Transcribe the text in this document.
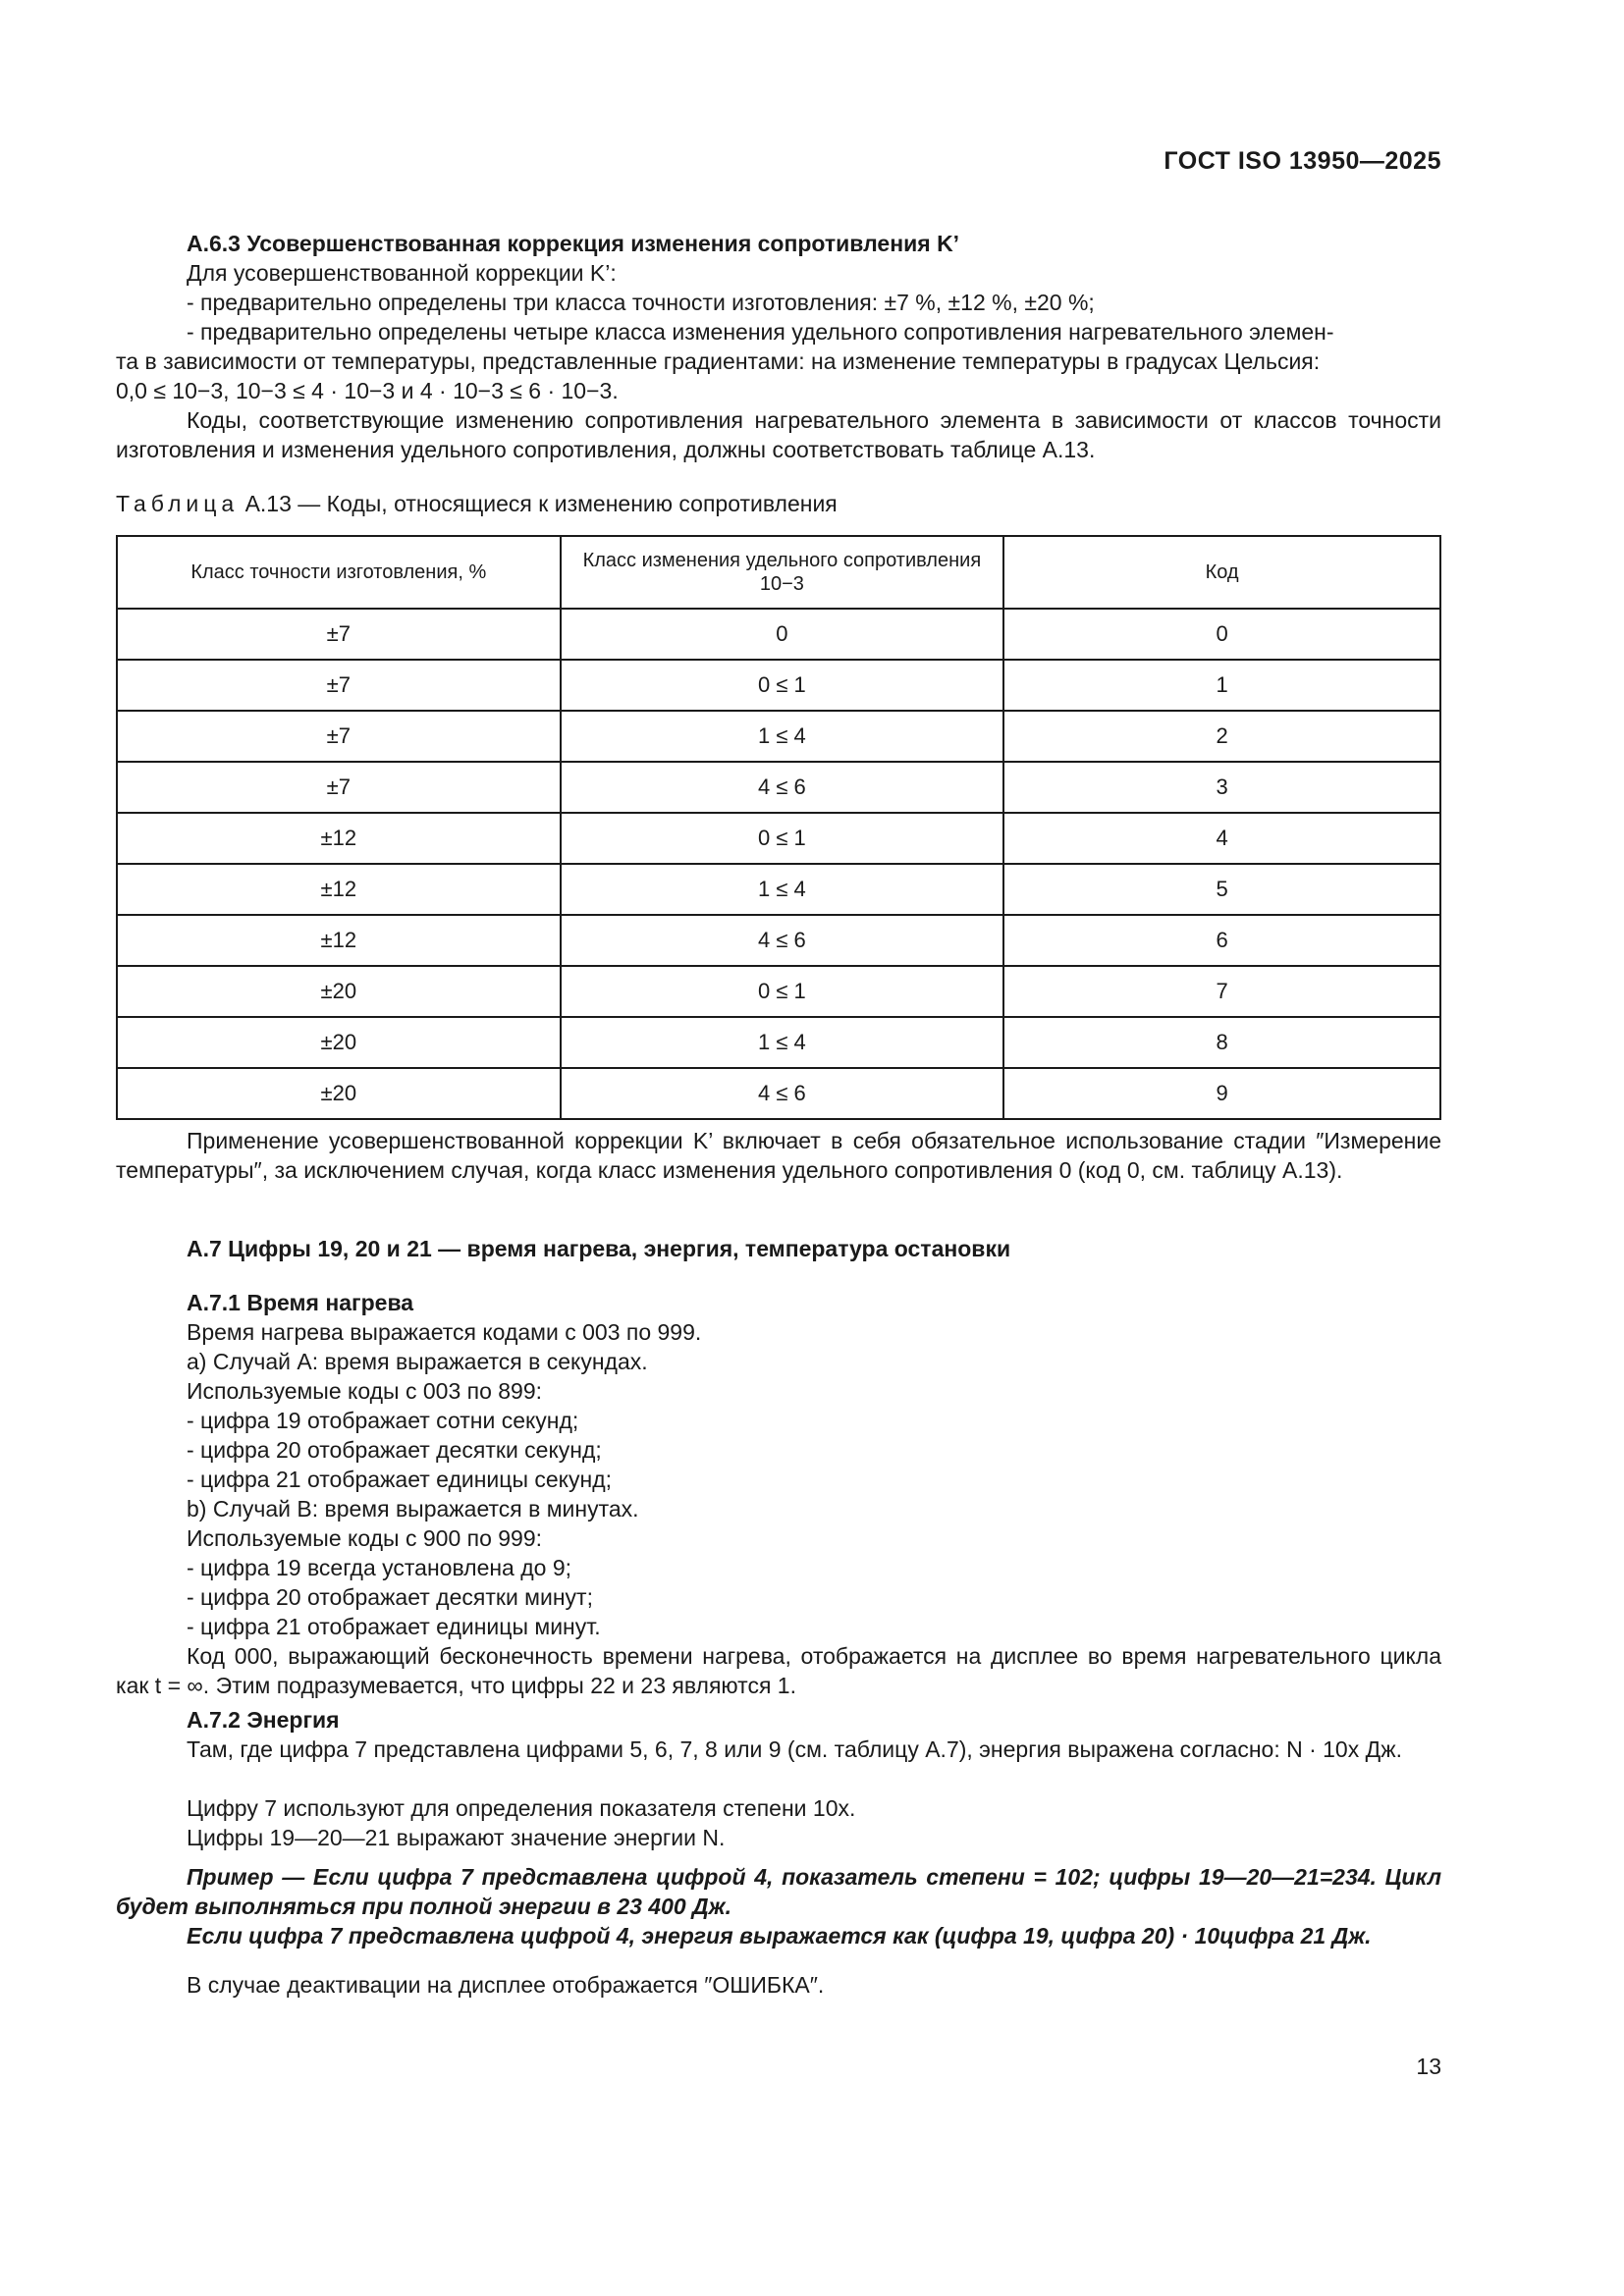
ГОСТ ISO 13950—2025
А.6.3 Усовершенствованная коррекция изменения сопротивления K’
Для усовершенствованной коррекции K’:
- предварительно определены три класса точности изготовления: ±7 %, ±12 %, ±20 %;
- предварительно определены четыре класса изменения удельного сопротивления нагревательного элемен-
та в зависимости от температуры, представленные градиентами: на изменение температуры в градусах Цельсия:
0,0 ≤ 10−3, 10−3 ≤ 4 · 10−3 и 4 · 10−3 ≤ 6 · 10−3.
Коды, соответствующие изменению сопротивления нагревательного элемента в зависимости от классов точности изготовления и изменения удельного сопротивления, должны соответствовать таблице А.13.
Таблица А.13 — Коды, относящиеся к изменению сопротивления
Класс точности изготовления, %	Класс изменения удельного сопротивления 10−3	Код
±7	0	0
±7	0 ≤ 1	1
±7	1 ≤ 4	2
±7	4 ≤ 6	3
±12	0 ≤ 1	4
±12	1 ≤ 4	5
±12	4 ≤ 6	6
±20	0 ≤ 1	7
±20	1 ≤ 4	8
±20	4 ≤ 6	9
Применение усовершенствованной коррекции K’ включает в себя обязательное использование стадии ″Измерение температуры″, за исключением случая, когда класс изменения удельного сопротивления 0 (код 0, см. таблицу А.13).
А.7 Цифры 19, 20 и 21 — время нагрева, энергия, температура остановки
А.7.1 Время нагрева
Время нагрева выражается кодами с 003 по 999.
a) Случай А: время выражается в секундах.
Используемые коды с 003 по 899:
- цифра 19 отображает сотни секунд;
- цифра 20 отображает десятки секунд;
- цифра 21 отображает единицы секунд;
b) Случай B: время выражается в минутах.
Используемые коды с 900 по 999:
- цифра 19 всегда установлена до 9;
- цифра 20 отображает десятки минут;
- цифра 21 отображает единицы минут.
Код 000, выражающий бесконечность времени нагрева, отображается на дисплее во время нагревательного цикла как t = ∞. Этим подразумевается, что цифры 22 и 23 являются 1.
А.7.2 Энергия
Там, где цифра 7 представлена цифрами 5, 6, 7, 8 или 9 (см. таблицу А.7), энергия выражена согласно: N · 10x Дж.
Цифру 7 используют для определения показателя степени 10x.
Цифры 19—20—21 выражают значение энергии N.
Пример — Если цифра 7 представлена цифрой 4, показатель степени = 102; цифры 19—20—21=234. Цикл будет выполняться при полной энергии в 23 400 Дж.
Если цифра 7 представлена цифрой 4, энергия выражается как (цифра 19, цифра 20) · 10цифра 21 Дж.
В случае деактивации на дисплее отображается ″ОШИБКА″.
13
